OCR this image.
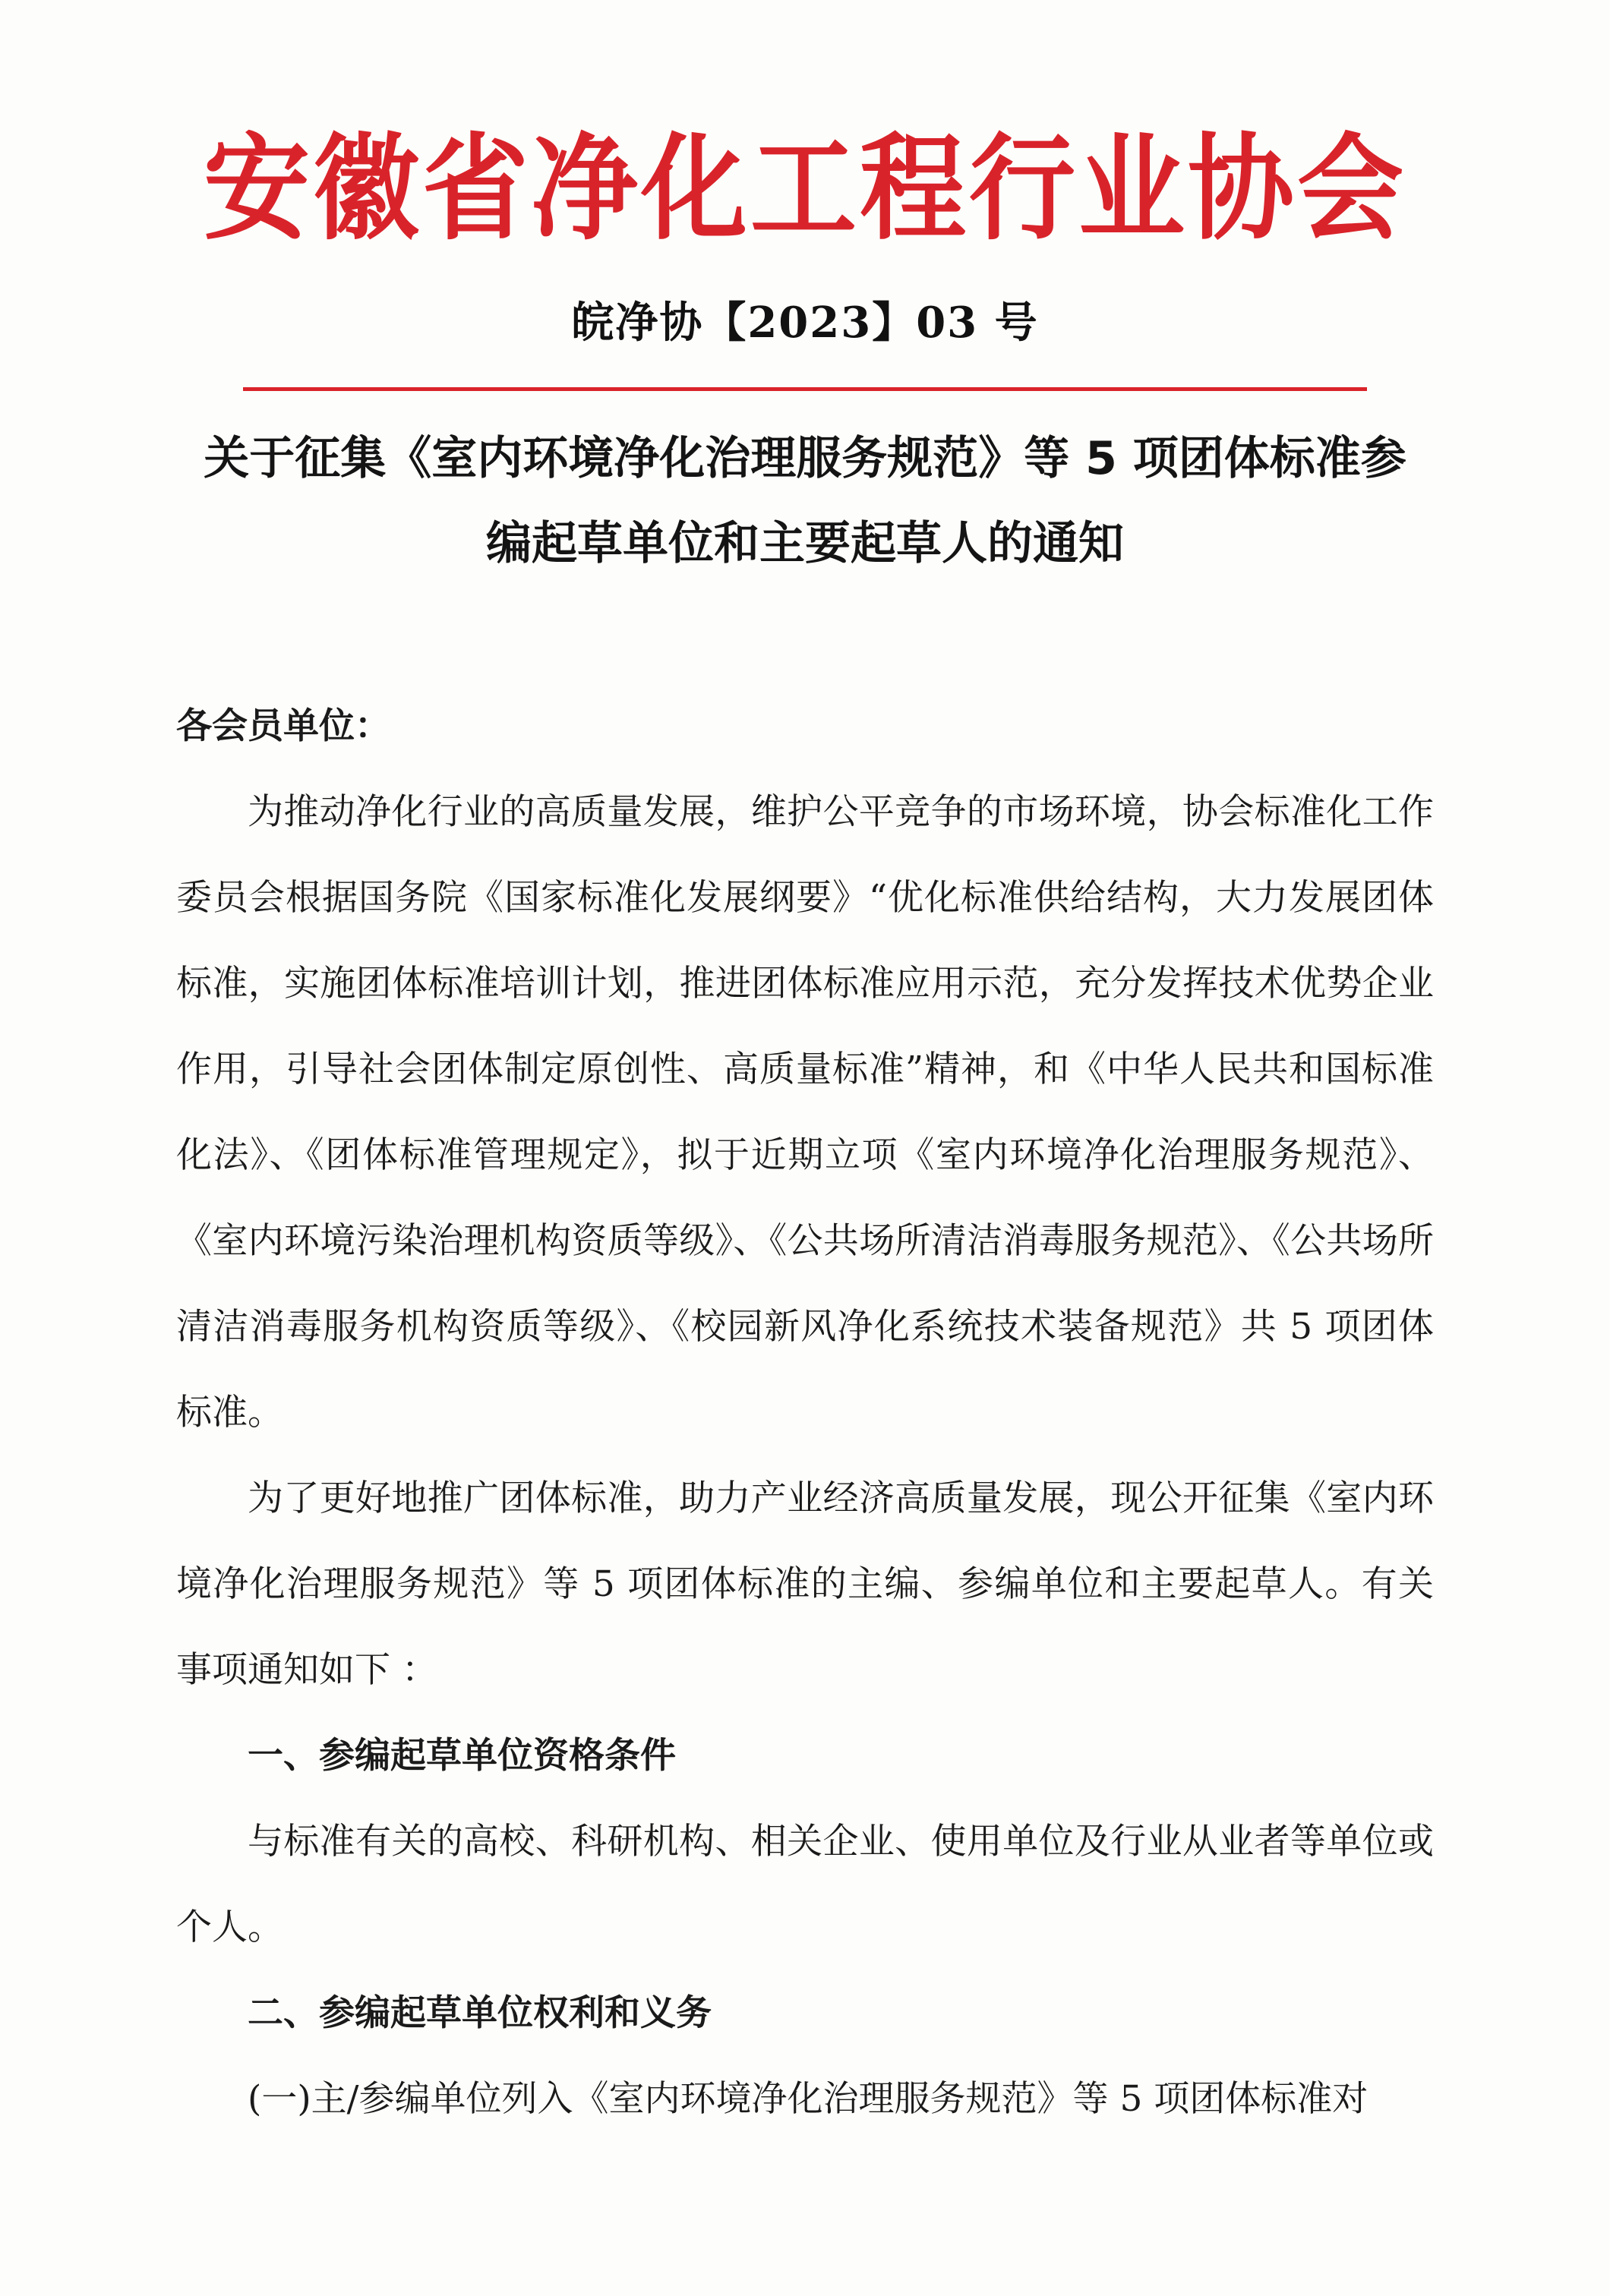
安徽省净化工程行业协会
皖净协【2023】03 号
关于征集《室内环境净化治理服务规范》等 5 项团体标准参
编起草单位和主要起草人的通知

各会员单位：

为推动净化行业的高质量发展，维护公平竞争的市场环境，协会标准化工作委员会根据国务院《国家标准化发展纲要》“优化标准供给结构，大力发展团体标准，实施团体标准培训计划，推进团体标准应用示范，充分发挥技术优势企业作用，引导社会团体制定原创性、高质量标准”精神，和《中华人民共和国标准化法》、《团体标准管理规定》，拟于近期立项《室内环境净化治理服务规范》、《室内环境污染治理机构资质等级》、《公共场所清洁消毒服务规范》、《公共场所清洁消毒服务机构资质等级》、《校园新风净化系统技术装备规范》共 5 项团体标准。

为了更好地推广团体标准，助力产业经济高质量发展，现公开征集《室内环境净化治理服务规范》等 5 项团体标准的主编、参编单位和主要起草人。有关事项通知如下 ：

一、参编起草单位资格条件

与标准有关的高校、科研机构、相关企业、使用单位及行业从业者等单位或个人。

二、参编起草单位权利和义务

(一)主/参编单位列入《室内环境净化治理服务规范》等 5 项团体标准对
